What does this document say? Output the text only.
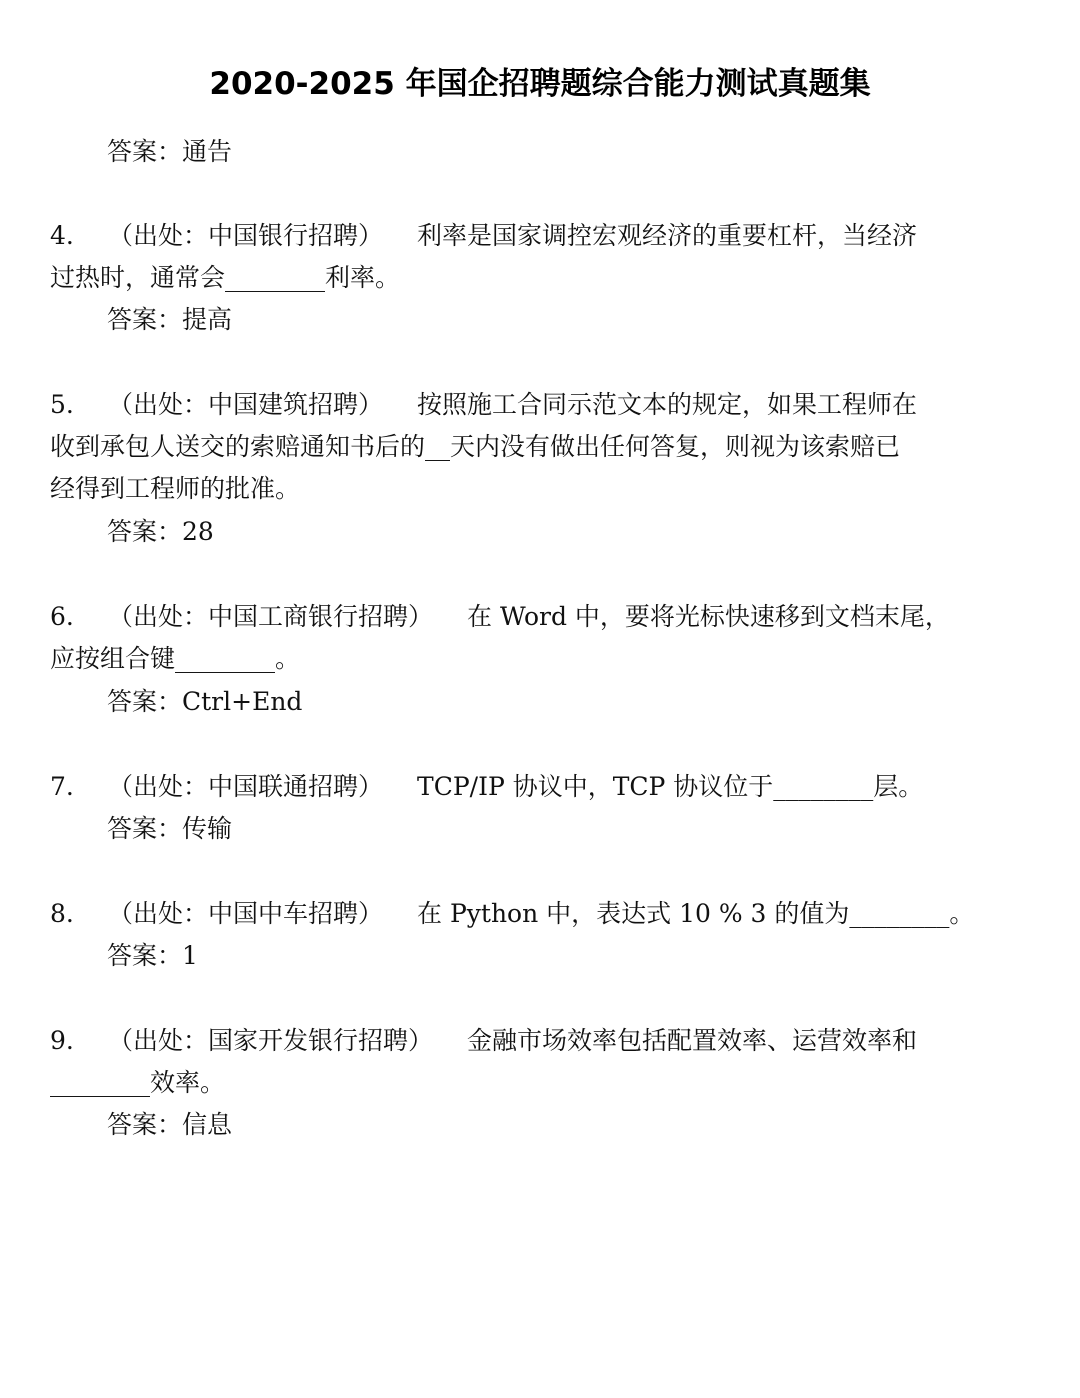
2020-2025 年国企招聘题综合能力测试真题集
答案：通告
4. （出处：中国银行招聘） 利率是国家调控宏观经济的重要杠杆，当经济
过热时，通常会________利率。
答案：提高
5. （出处：中国建筑招聘） 按照施工合同示范文本的规定，如果工程师在
收到承包人送交的索赔通知书后的__天内没有做出任何答复，则视为该索赔已
经得到工程师的批准。
答案：28
6. （出处：中国工商银行招聘） 在 Word 中，要将光标快速移到文档末尾，
应按组合键________。
答案：Ctrl+End
7. （出处：中国联通招聘） TCP/IP 协议中，TCP 协议位于________层。
答案：传输
8. （出处：中国中车招聘） 在 Python 中，表达式 10 % 3 的值为________。
答案：1
9. （出处：国家开发银行招聘） 金融市场效率包括配置效率、运营效率和
________效率。
答案：信息
